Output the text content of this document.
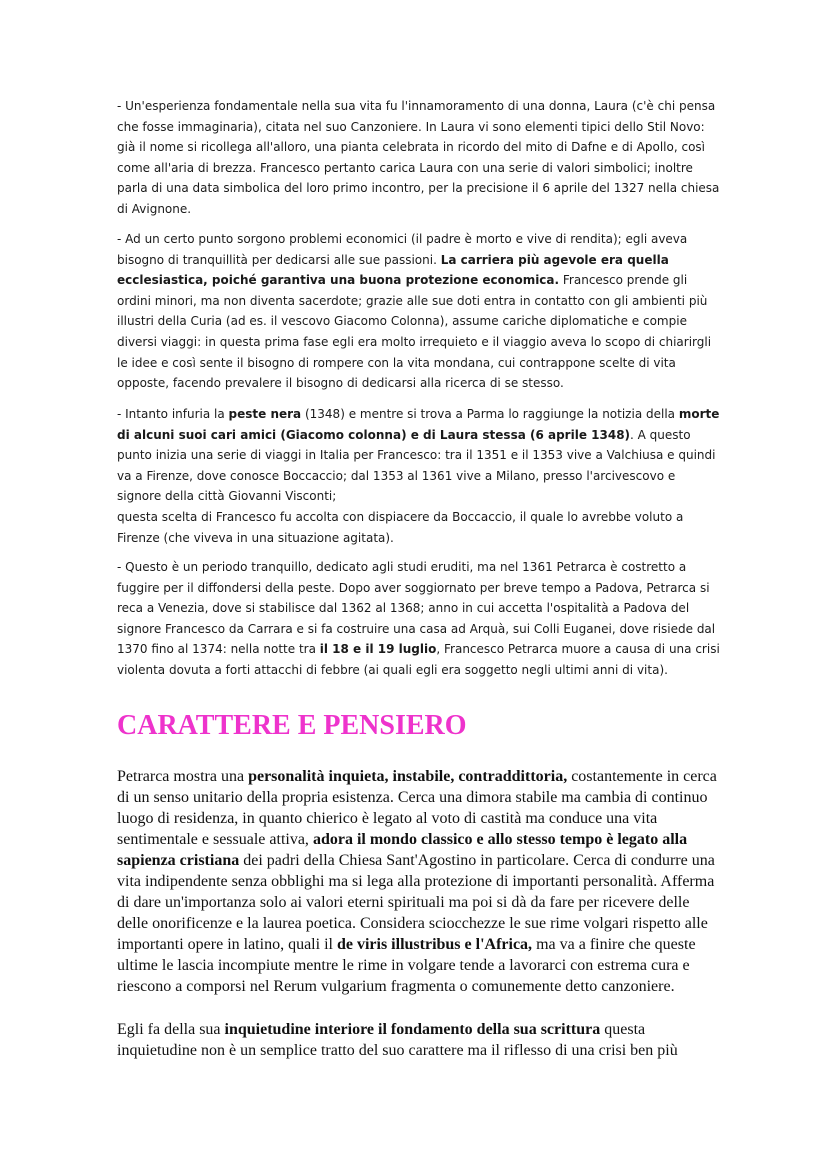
- Un'esperienza fondamentale nella sua vita fu l'innamoramento di una donna, Laura (c'è chi pensa che fosse immaginaria), citata nel suo Canzoniere. In Laura vi sono elementi tipici dello Stil Novo: già il nome si ricollega all'alloro, una pianta celebrata in ricordo del mito di Dafne e di Apollo, così come all'aria di brezza. Francesco pertanto carica Laura con una serie di valori simbolici; inoltre parla di una data simbolica del loro primo incontro, per la precisione il 6 aprile del 1327 nella chiesa di Avignone.

- Ad un certo punto sorgono problemi economici (il padre è morto e vive di rendita); egli aveva bisogno di tranquillità per dedicarsi alle sue passioni. La carriera più agevole era quella ecclesiastica, poiché garantiva una buona protezione economica. Francesco prende gli ordini minori, ma non diventa sacerdote; grazie alle sue doti entra in contatto con gli ambienti più illustri della Curia (ad es. il vescovo Giacomo Colonna), assume cariche diplomatiche e compie diversi viaggi: in questa prima fase egli era molto irrequieto e il viaggio aveva lo scopo di chiarirgli le idee e così sente il bisogno di rompere con la vita mondana, cui contrappone scelte di vita opposte, facendo prevalere il bisogno di dedicarsi alla ricerca di se stesso.

- Intanto infuria la peste nera (1348) e mentre si trova a Parma lo raggiunge la notizia della morte di alcuni suoi cari amici (Giacomo colonna) e di Laura stessa (6 aprile 1348). A questo punto inizia una serie di viaggi in Italia per Francesco: tra il 1351 e il 1353 vive a Valchiusa e quindi va a Firenze, dove conosce Boccaccio; dal 1353 al 1361 vive a Milano, presso l'arcivescovo e signore della città Giovanni Visconti;
questa scelta di Francesco fu accolta con dispiacere da Boccaccio, il quale lo avrebbe voluto a Firenze (che viveva in una situazione agitata).

- Questo è un periodo tranquillo, dedicato agli studi eruditi, ma nel 1361 Petrarca è costretto a fuggire per il diffondersi della peste. Dopo aver soggiornato per breve tempo a Padova, Petrarca si reca a Venezia, dove si stabilisce dal 1362 al 1368; anno in cui accetta l'ospitalità a Padova del signore Francesco da Carrara e si fa costruire una casa ad Arquà, sui Colli Euganei, dove risiede dal 1370 fino al 1374: nella notte tra il 18 e il 19 luglio, Francesco Petrarca muore a causa di una crisi violenta dovuta a forti attacchi di febbre (ai quali egli era soggetto negli ultimi anni di vita).

CARATTERE E PENSIERO

Petrarca mostra una personalità inquieta, instabile, contraddittoria, costantemente in cerca di un senso unitario della propria esistenza. Cerca una dimora stabile ma cambia di continuo luogo di residenza, in quanto chierico è legato al voto di castità ma conduce una vita sentimentale e sessuale attiva, adora il mondo classico e allo stesso tempo è legato alla sapienza cristiana dei padri della Chiesa Sant'Agostino in particolare. Cerca di condurre una vita indipendente senza obblighi ma si lega alla protezione di importanti personalità. Afferma di dare un'importanza solo ai valori eterni spirituali ma poi si dà da fare per ricevere delle delle onorificenze e la laurea poetica. Considera sciocchezze le sue rime volgari rispetto alle importanti opere in latino, quali il de viris illustribus e l'Africa, ma va a finire che queste ultime le lascia incompiute mentre le rime in volgare tende a lavorarci con estrema cura e riescono a comporsi nel Rerum vulgarium fragmenta o comunemente detto canzoniere.

Egli fa della sua inquietudine interiore il fondamento della sua scrittura questa inquietudine non è un semplice tratto del suo carattere ma il riflesso di una crisi ben più
